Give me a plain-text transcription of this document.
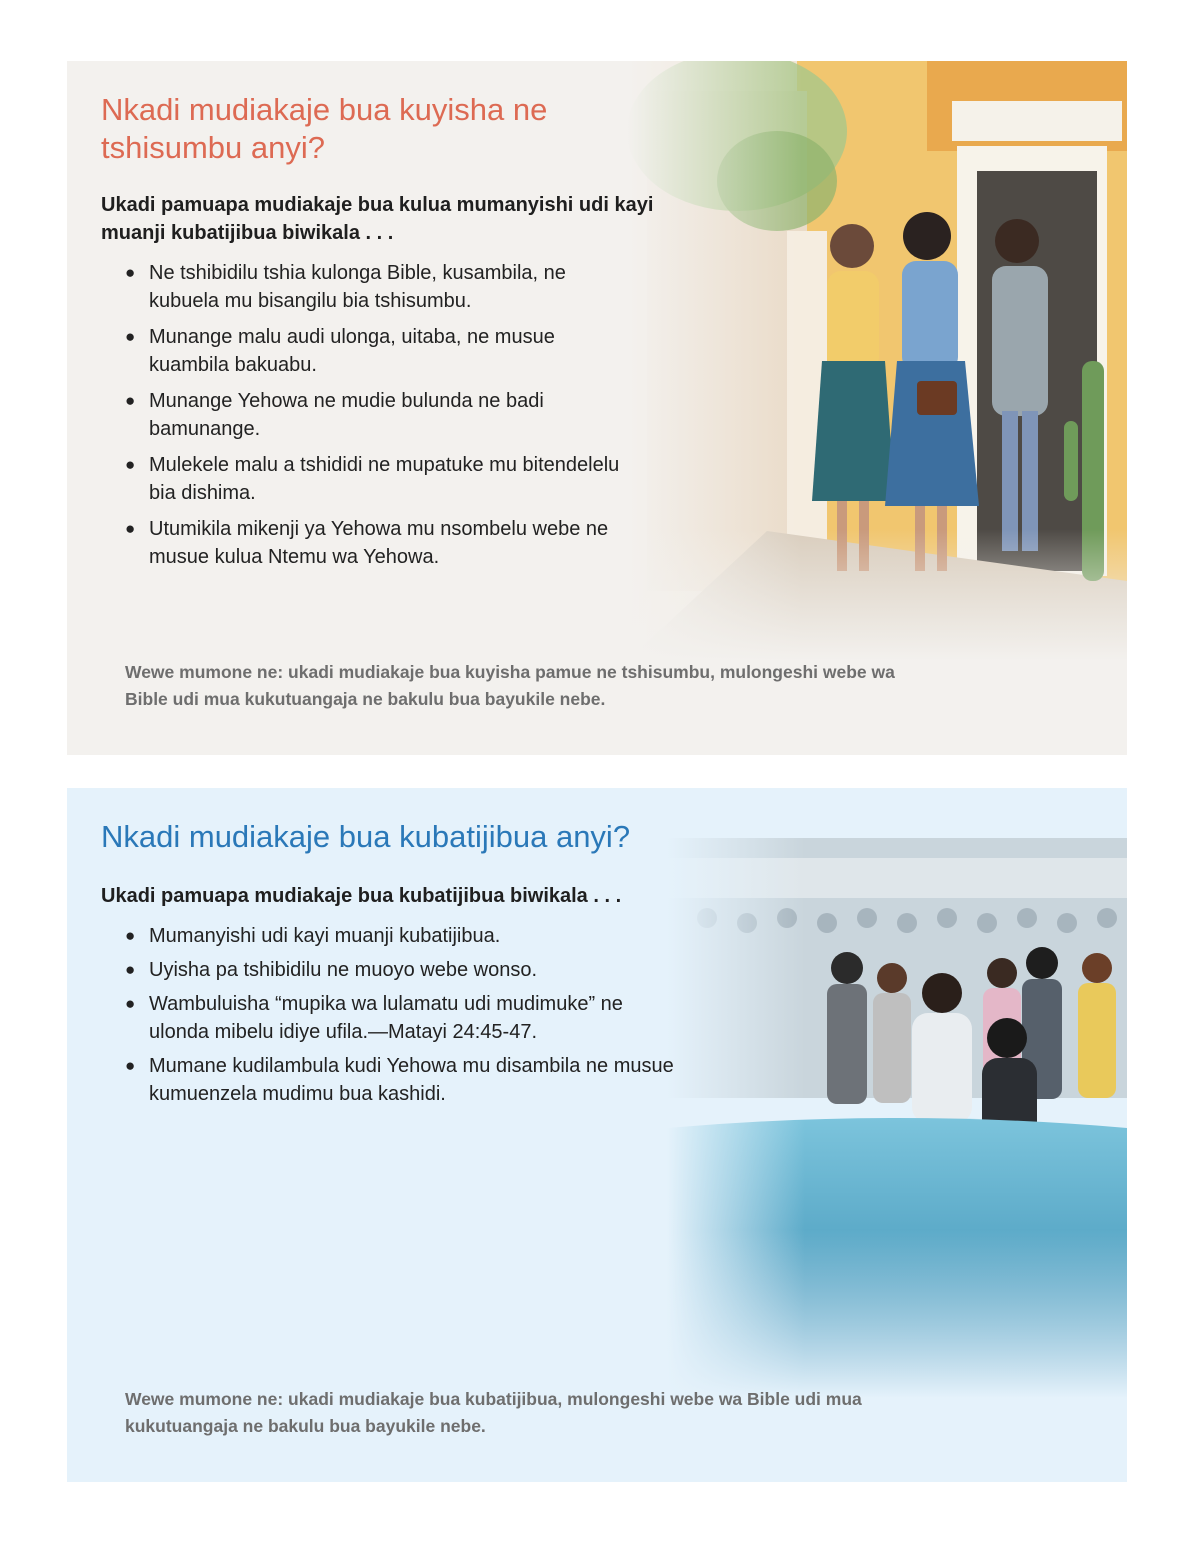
Nkadi mudiakaje bua kuyisha ne tshisumbu anyi?

Ukadi pamuapa mudiakaje bua kulua mumanyishi udi kayi muanji kubatijibua biwikala . . .

● Ne tshibidilu tshia kulonga Bible, kusambila, ne kubuela mu bisangilu bia tshisumbu.
● Munange malu audi ulonga, uitaba, ne musue kuambila bakuabu.
● Munange Yehowa ne mudie bulunda ne badi bamunange.
● Mulekele malu a tshididi ne mupatuke mu bitendelelu bia dishima.
● Utumikila mikenji ya Yehowa mu nsombelu webe ne musue kulua Ntemu wa Yehowa.

Wewe mumone ne: ukadi mudiakaje bua kuyisha pamue ne tshisumbu, mulongeshi webe wa Bible udi mua kukutuangaja ne bakulu bua bayukile nebe.

Nkadi mudiakaje bua kubatijibua anyi?

Ukadi pamuapa mudiakaje bua kubatijibua biwikala . . .

● Mumanyishi udi kayi muanji kubatijibua.
● Uyisha pa tshibidilu ne muoyo webe wonso.
● Wambuluisha “mupika wa lulamatu udi mudimuke” ne ulonda mibelu idiye ufila.—Matayi 24:45-47.
● Mumane kudilambula kudi Yehowa mu disambila ne musue kumuenzela mudimu bua kashidi.

Wewe mumone ne: ukadi mudiakaje bua kubatijibua, mulongeshi webe wa Bible udi mua kukutuangaja ne bakulu bua bayukile nebe.
